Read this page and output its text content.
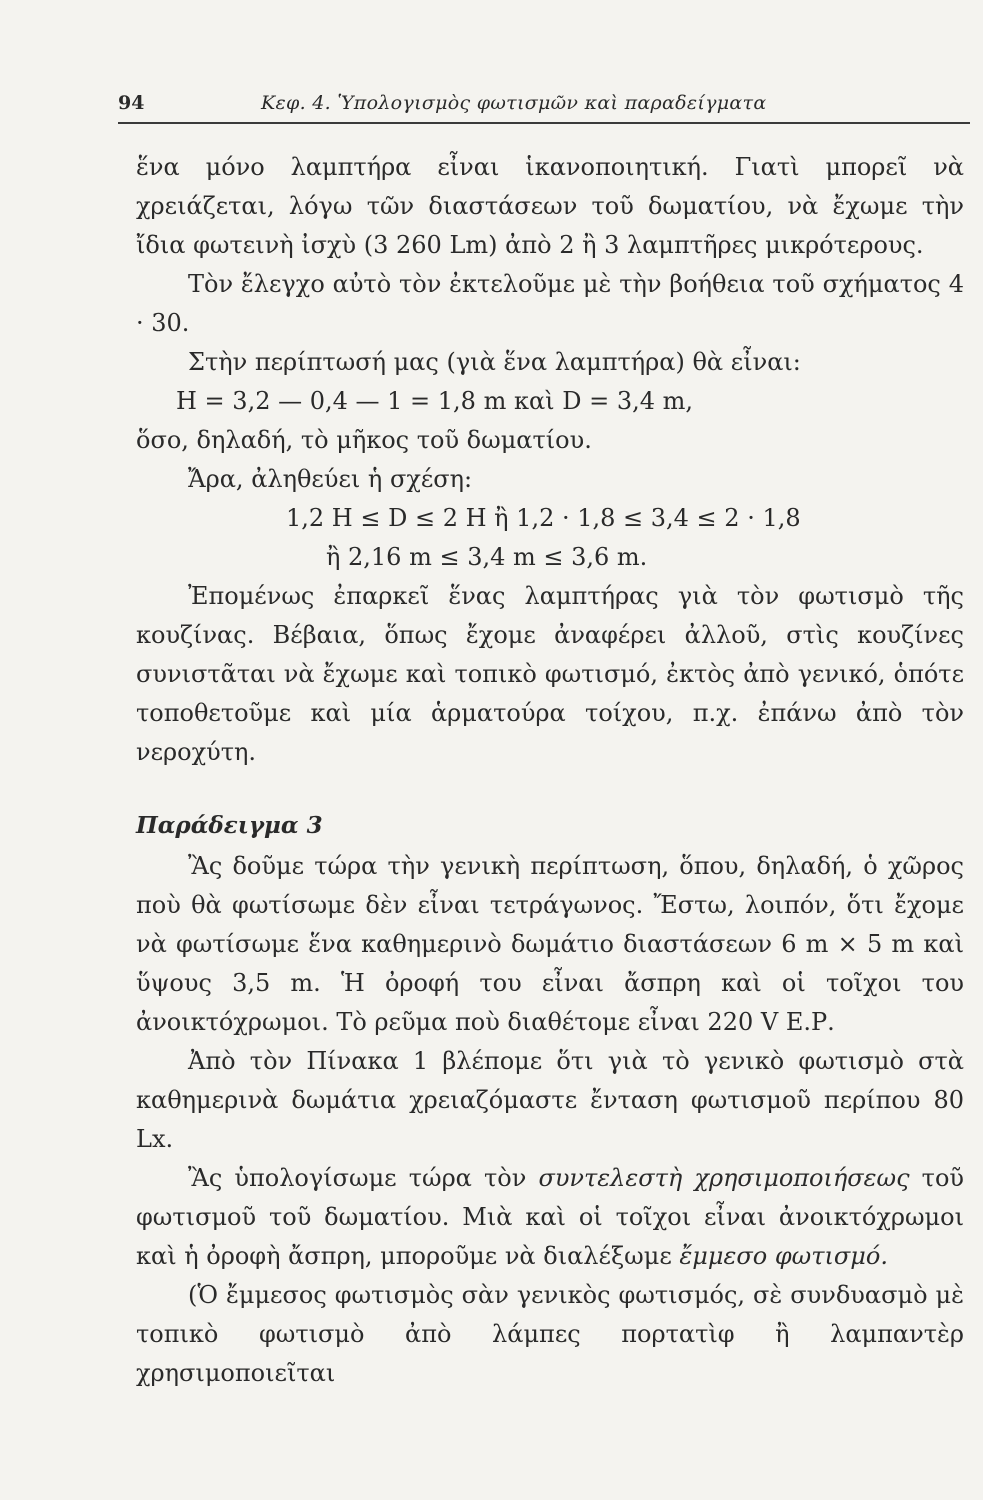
94	Κεφ. 4. Ὑπολογισμὸς φωτισμῶν καὶ παραδείγματα

ἕνα μόνο λαμπτήρα εἶναι ἱκανοποιητική. Γιατὶ μπορεῖ νὰ χρειάζεται, λόγω τῶν διαστάσεων τοῦ δωματίου, νὰ ἔχωμε τὴν ἴδια φωτεινὴ ἰσχὺ (3 260 Lm) ἀπὸ 2 ἢ 3 λαμπτῆρες μικρότερους.

Τὸν ἔλεγχο αὐτὸ τὸν ἐκτελοῦμε μὲ τὴν βοήθεια τοῦ σχήματος 4 · 30.

Στὴν περίπτωσή μας (γιὰ ἕνα λαμπτήρα) θὰ εἶναι:

H = 3,2 — 0,4 — 1 = 1,8 m καὶ D = 3,4 m,

ὅσο, δηλαδή, τὸ μῆκος τοῦ δωματίου.

Ἄρα, ἀληθεύει ἡ σχέση:

1,2 H ≤ D ≤ 2 H ἢ 1,2 · 1,8 ≤ 3,4 ≤ 2 · 1,8

ἢ 2,16 m ≤ 3,4 m ≤ 3,6 m.

Ἐπομένως ἐπαρκεῖ ἕνας λαμπτήρας γιὰ τὸν φωτισμὸ τῆς κουζίνας. Βέβαια, ὅπως ἔχομε ἀναφέρει ἀλλοῦ, στὶς κουζίνες συνιστᾶται νὰ ἔχωμε καὶ τοπικὸ φωτισμό, ἐκτὸς ἀπὸ γενικό, ὁπότε τοποθετοῦμε καὶ μία ἁρματούρα τοίχου, π.χ. ἐπάνω ἀπὸ τὸν νεροχύτη.

Παράδειγμα 3

Ἂς δοῦμε τώρα τὴν γενικὴ περίπτωση, ὅπου, δηλαδή, ὁ χῶρος ποὺ θὰ φωτίσωμε δὲν εἶναι τετράγωνος. Ἔστω, λοιπόν, ὅτι ἔχομε νὰ φωτίσωμε ἕνα καθημερινὸ δωμάτιο διαστάσεων 6 m × 5 m καὶ ὕψους 3,5 m. Ἡ ὀροφή του εἶναι ἄσπρη καὶ οἱ τοῖχοι του ἀνοικτόχρωμοι. Τὸ ρεῦμα ποὺ διαθέτομε εἶναι 220 V Ε.Ρ.

Ἀπὸ τὸν Πίνακα 1 βλέπομε ὅτι γιὰ τὸ γενικὸ φωτισμὸ στὰ καθημερινὰ δωμάτια χρειαζόμαστε ἔνταση φωτισμοῦ περίπου 80 Lx.

Ἂς ὑπολογίσωμε τώρα τὸν συντελεστὴ χρησιμοποιήσεως τοῦ φωτισμοῦ τοῦ δωματίου. Μιὰ καὶ οἱ τοῖχοι εἶναι ἀνοικτόχρωμοι καὶ ἡ ὀροφὴ ἄσπρη, μποροῦμε νὰ διαλέξωμε ἔμμεσο φωτισμό.

(Ὁ ἔμμεσος φωτισμὸς σὰν γενικὸς φωτισμός, σὲ συνδυασμὸ μὲ τοπικὸ φωτισμὸ ἀπὸ λάμπες πορτατὶφ ἢ λαμπαντὲρ χρησιμοποιεῖται
